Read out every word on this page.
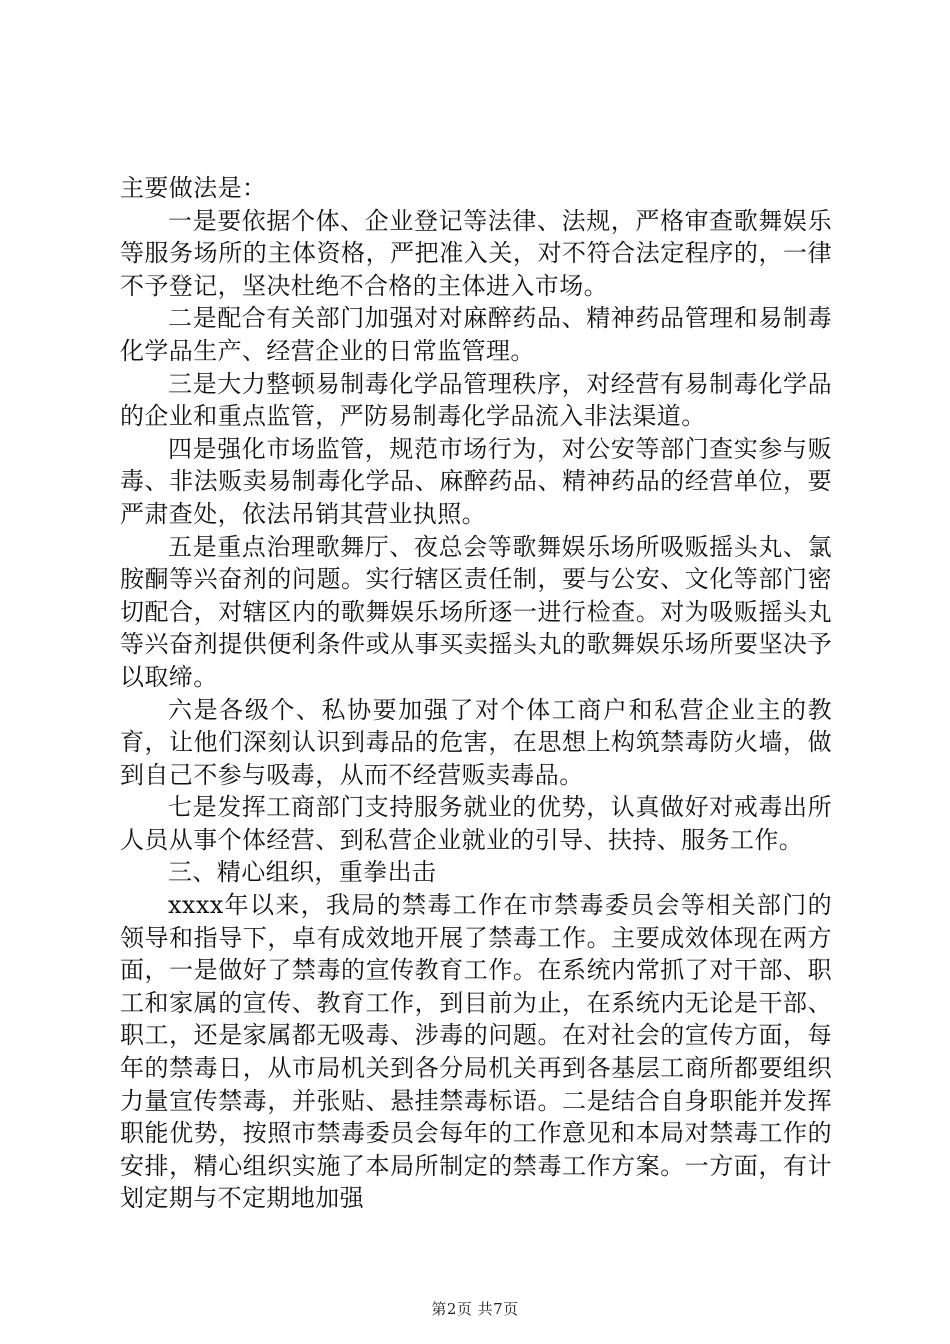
主要做法是：

一是要依据个体、企业登记等法律、法规，严格审查歌舞娱乐等服务场所的主体资格，严把准入关，对不符合法定程序的，一律不予登记，坚决杜绝不合格的主体进入市场。

二是配合有关部门加强对对麻醉药品、精神药品管理和易制毒化学品生产、经营企业的日常监管理。

三是大力整顿易制毒化学品管理秩序，对经营有易制毒化学品的企业和重点监管，严防易制毒化学品流入非法渠道。

四是强化市场监管，规范市场行为，对公安等部门查实参与贩毒、非法贩卖易制毒化学品、麻醉药品、精神药品的经营单位，要严肃查处，依法吊销其营业执照。

五是重点治理歌舞厅、夜总会等歌舞娱乐场所吸贩摇头丸、氯胺酮等兴奋剂的问题。实行辖区责任制，要与公安、文化等部门密切配合，对辖区内的歌舞娱乐场所逐一进行检查。对为吸贩摇头丸等兴奋剂提供便利条件或从事买卖摇头丸的歌舞娱乐场所要坚决予以取缔。

六是各级个、私协要加强了对个体工商户和私营企业主的教育，让他们深刻认识到毒品的危害，在思想上构筑禁毒防火墙，做到自己不参与吸毒，从而不经营贩卖毒品。

七是发挥工商部门支持服务就业的优势，认真做好对戒毒出所人员从事个体经营、到私营企业就业的引导、扶持、服务工作。

三、精心组织，重拳出击

xxxx年以来，我局的禁毒工作在市禁毒委员会等相关部门的领导和指导下，卓有成效地开展了禁毒工作。主要成效体现在两方面，一是做好了禁毒的宣传教育工作。在系统内常抓了对干部、职工和家属的宣传、教育工作，到目前为止，在系统内无论是干部、职工，还是家属都无吸毒、涉毒的问题。在对社会的宣传方面，每年的禁毒日，从市局机关到各分局机关再到各基层工商所都要组织力量宣传禁毒，并张贴、悬挂禁毒标语。二是结合自身职能并发挥职能优势，按照市禁毒委员会每年的工作意见和本局对禁毒工作的安排，精心组织实施了本局所制定的禁毒工作方案。一方面，有计划定期与不定期地加强

第2页 共7页
